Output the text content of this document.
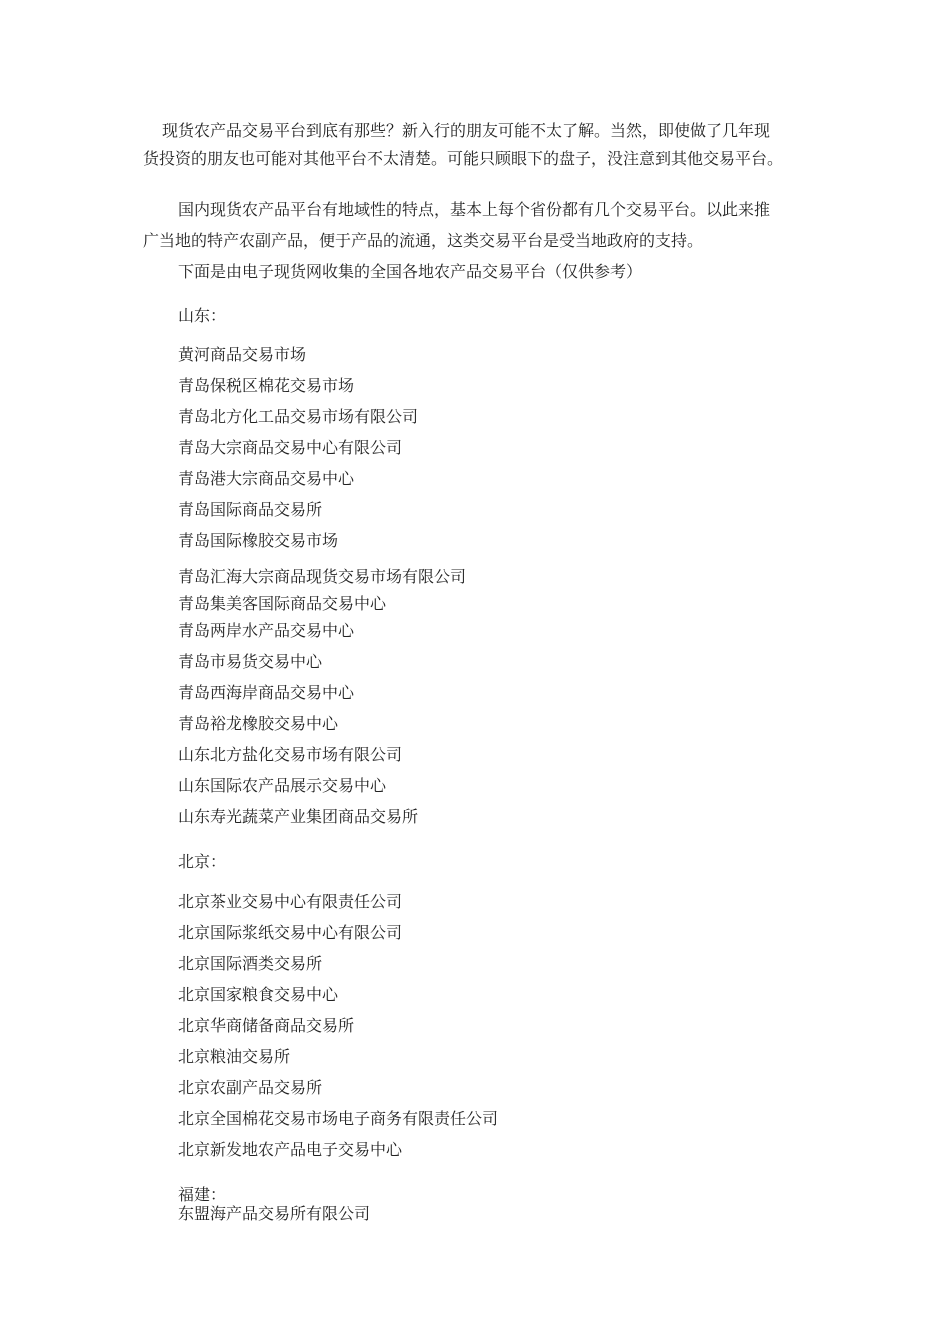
现货农产品交易平台到底有那些？新入行的朋友可能不太了解。当然，即使做了几年现
货投资的朋友也可能对其他平台不太清楚。可能只顾眼下的盘子，没注意到其他交易平台。
国内现货农产品平台有地域性的特点，基本上每个省份都有几个交易平台。以此来推
广当地的特产农副产品，便于产品的流通，这类交易平台是受当地政府的支持。
下面是由电子现货网收集的全国各地农产品交易平台（仅供参考）
山东：
黄河商品交易市场
青岛保税区棉花交易市场
青岛北方化工品交易市场有限公司
青岛大宗商品交易中心有限公司
青岛港大宗商品交易中心
青岛国际商品交易所
青岛国际橡胶交易市场
青岛汇海大宗商品现货交易市场有限公司
青岛集美客国际商品交易中心
青岛两岸水产品交易中心
青岛市易货交易中心
青岛西海岸商品交易中心
青岛裕龙橡胶交易中心
山东北方盐化交易市场有限公司
山东国际农产品展示交易中心
山东寿光蔬菜产业集团商品交易所
北京：
北京茶业交易中心有限责任公司
北京国际浆纸交易中心有限公司
北京国际酒类交易所
北京国家粮食交易中心
北京华商储备商品交易所
北京粮油交易所
北京农副产品交易所
北京全国棉花交易市场电子商务有限责任公司
北京新发地农产品电子交易中心
福建：
东盟海产品交易所有限公司
